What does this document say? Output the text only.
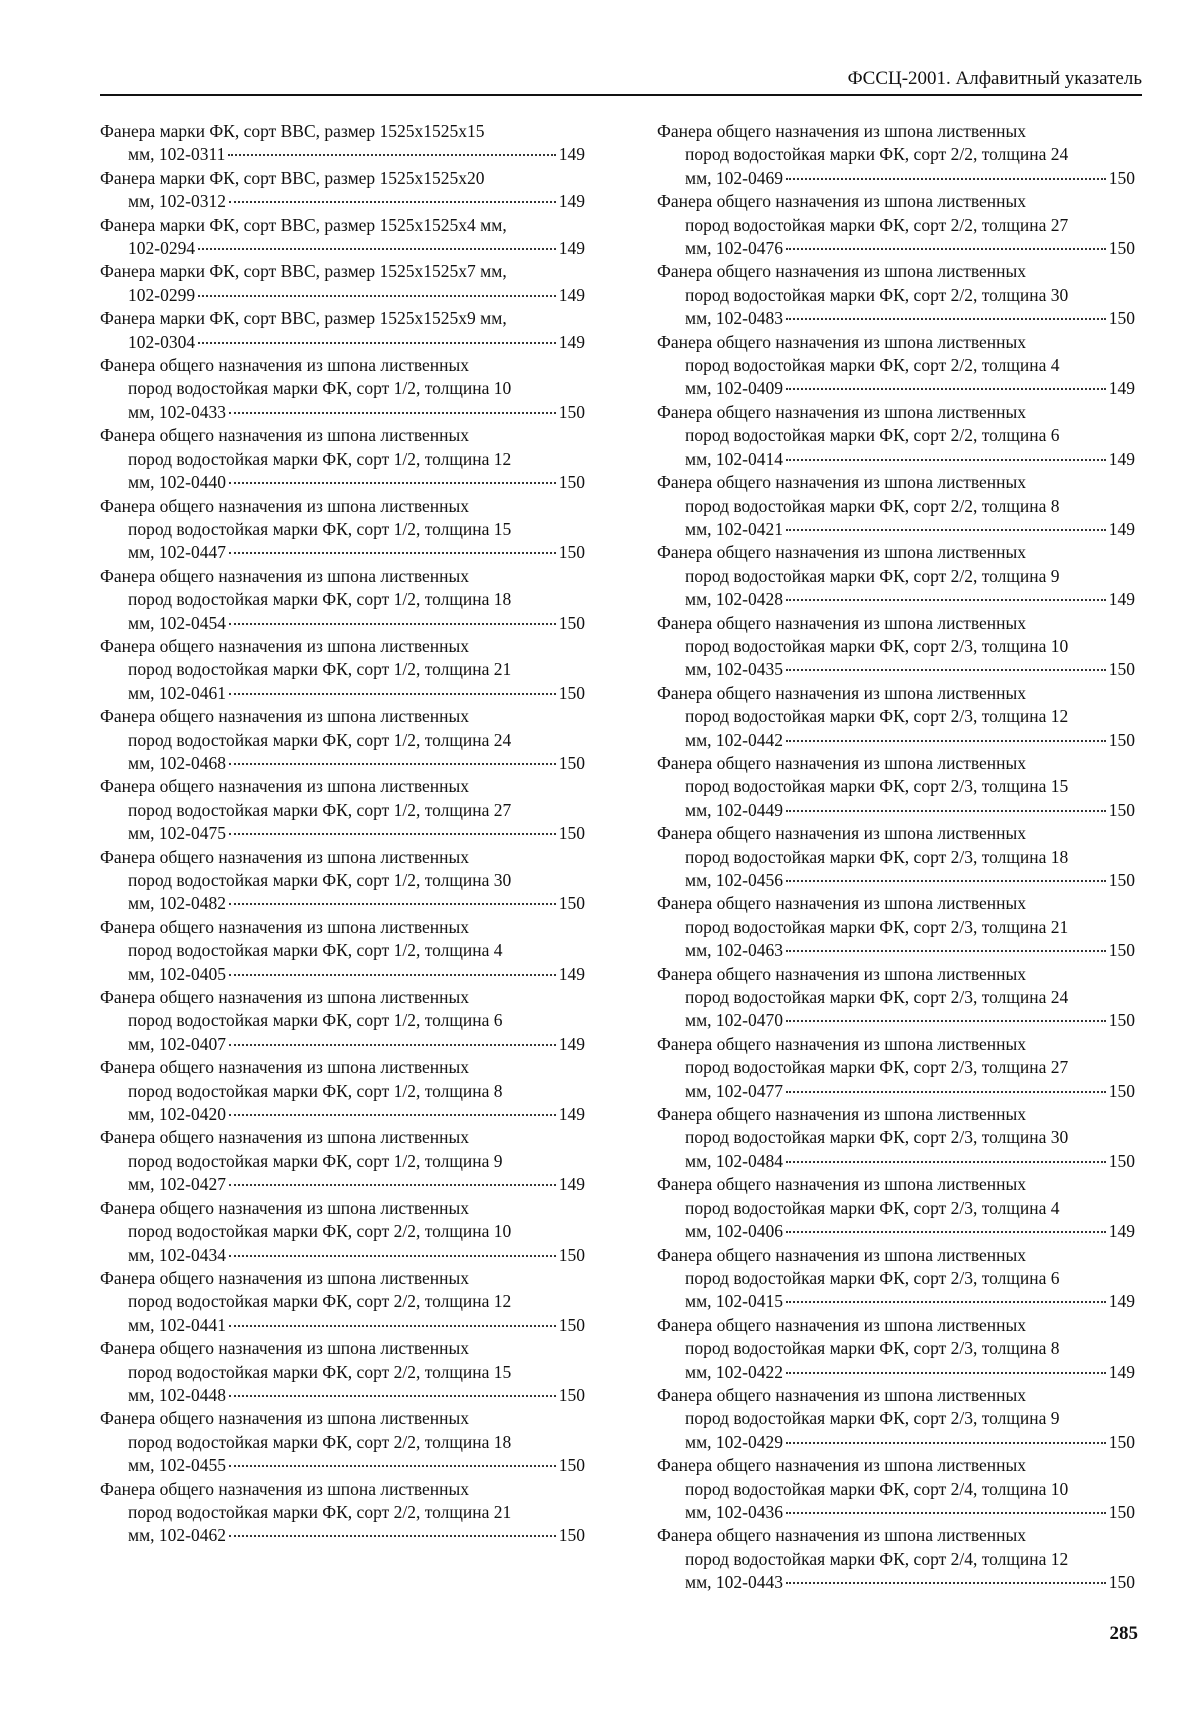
ФССЦ-2001. Алфавитный указатель
Фанера марки ФК, сорт ВВС, размер 1525x1525x15
мм, 102-0311	149
Фанера марки ФК, сорт ВВС, размер 1525x1525x20
мм, 102-0312	149
Фанера марки ФК, сорт ВВС, размер 1525x1525x4 мм,
102-0294	149
Фанера марки ФК, сорт ВВС, размер 1525x1525x7 мм,
102-0299	149
Фанера марки ФК, сорт ВВС, размер 1525x1525x9 мм,
102-0304	149
Фанера общего назначения из шпона лиственных
пород водостойкая марки ФК, сорт 1/2, толщина 10
мм, 102-0433	150
Фанера общего назначения из шпона лиственных
пород водостойкая марки ФК, сорт 1/2, толщина 12
мм, 102-0440	150
Фанера общего назначения из шпона лиственных
пород водостойкая марки ФК, сорт 1/2, толщина 15
мм, 102-0447	150
Фанера общего назначения из шпона лиственных
пород водостойкая марки ФК, сорт 1/2, толщина 18
мм, 102-0454	150
Фанера общего назначения из шпона лиственных
пород водостойкая марки ФК, сорт 1/2, толщина 21
мм, 102-0461	150
Фанера общего назначения из шпона лиственных
пород водостойкая марки ФК, сорт 1/2, толщина 24
мм, 102-0468	150
Фанера общего назначения из шпона лиственных
пород водостойкая марки ФК, сорт 1/2, толщина 27
мм, 102-0475	150
Фанера общего назначения из шпона лиственных
пород водостойкая марки ФК, сорт 1/2, толщина 30
мм, 102-0482	150
Фанера общего назначения из шпона лиственных
пород водостойкая марки ФК, сорт 1/2, толщина 4
мм, 102-0405	149
Фанера общего назначения из шпона лиственных
пород водостойкая марки ФК, сорт 1/2, толщина 6
мм, 102-0407	149
Фанера общего назначения из шпона лиственных
пород водостойкая марки ФК, сорт 1/2, толщина 8
мм, 102-0420	149
Фанера общего назначения из шпона лиственных
пород водостойкая марки ФК, сорт 1/2, толщина 9
мм, 102-0427	149
Фанера общего назначения из шпона лиственных
пород водостойкая марки ФК, сорт 2/2, толщина 10
мм, 102-0434	150
Фанера общего назначения из шпона лиственных
пород водостойкая марки ФК, сорт 2/2, толщина 12
мм, 102-0441	150
Фанера общего назначения из шпона лиственных
пород водостойкая марки ФК, сорт 2/2, толщина 15
мм, 102-0448	150
Фанера общего назначения из шпона лиственных
пород водостойкая марки ФК, сорт 2/2, толщина 18
мм, 102-0455	150
Фанера общего назначения из шпона лиственных
пород водостойкая марки ФК, сорт 2/2, толщина 21
мм, 102-0462	150
Фанера общего назначения из шпона лиственных
пород водостойкая марки ФК, сорт 2/2, толщина 24
мм, 102-0469	150
Фанера общего назначения из шпона лиственных
пород водостойкая марки ФК, сорт 2/2, толщина 27
мм, 102-0476	150
Фанера общего назначения из шпона лиственных
пород водостойкая марки ФК, сорт 2/2, толщина 30
мм, 102-0483	150
Фанера общего назначения из шпона лиственных
пород водостойкая марки ФК, сорт 2/2, толщина 4
мм, 102-0409	149
Фанера общего назначения из шпона лиственных
пород водостойкая марки ФК, сорт 2/2, толщина 6
мм, 102-0414	149
Фанера общего назначения из шпона лиственных
пород водостойкая марки ФК, сорт 2/2, толщина 8
мм, 102-0421	149
Фанера общего назначения из шпона лиственных
пород водостойкая марки ФК, сорт 2/2, толщина 9
мм, 102-0428	149
Фанера общего назначения из шпона лиственных
пород водостойкая марки ФК, сорт 2/3, толщина 10
мм, 102-0435	150
Фанера общего назначения из шпона лиственных
пород водостойкая марки ФК, сорт 2/3, толщина 12
мм, 102-0442	150
Фанера общего назначения из шпона лиственных
пород водостойкая марки ФК, сорт 2/3, толщина 15
мм, 102-0449	150
Фанера общего назначения из шпона лиственных
пород водостойкая марки ФК, сорт 2/3, толщина 18
мм, 102-0456	150
Фанера общего назначения из шпона лиственных
пород водостойкая марки ФК, сорт 2/3, толщина 21
мм, 102-0463	150
Фанера общего назначения из шпона лиственных
пород водостойкая марки ФК, сорт 2/3, толщина 24
мм, 102-0470	150
Фанера общего назначения из шпона лиственных
пород водостойкая марки ФК, сорт 2/3, толщина 27
мм, 102-0477	150
Фанера общего назначения из шпона лиственных
пород водостойкая марки ФК, сорт 2/3, толщина 30
мм, 102-0484	150
Фанера общего назначения из шпона лиственных
пород водостойкая марки ФК, сорт 2/3, толщина 4
мм, 102-0406	149
Фанера общего назначения из шпона лиственных
пород водостойкая марки ФК, сорт 2/3, толщина 6
мм, 102-0415	149
Фанера общего назначения из шпона лиственных
пород водостойкая марки ФК, сорт 2/3, толщина 8
мм, 102-0422	149
Фанера общего назначения из шпона лиственных
пород водостойкая марки ФК, сорт 2/3, толщина 9
мм, 102-0429	150
Фанера общего назначения из шпона лиственных
пород водостойкая марки ФК, сорт 2/4, толщина 10
мм, 102-0436	150
Фанера общего назначения из шпона лиственных
пород водостойкая марки ФК, сорт 2/4, толщина 12
мм, 102-0443	150
285
